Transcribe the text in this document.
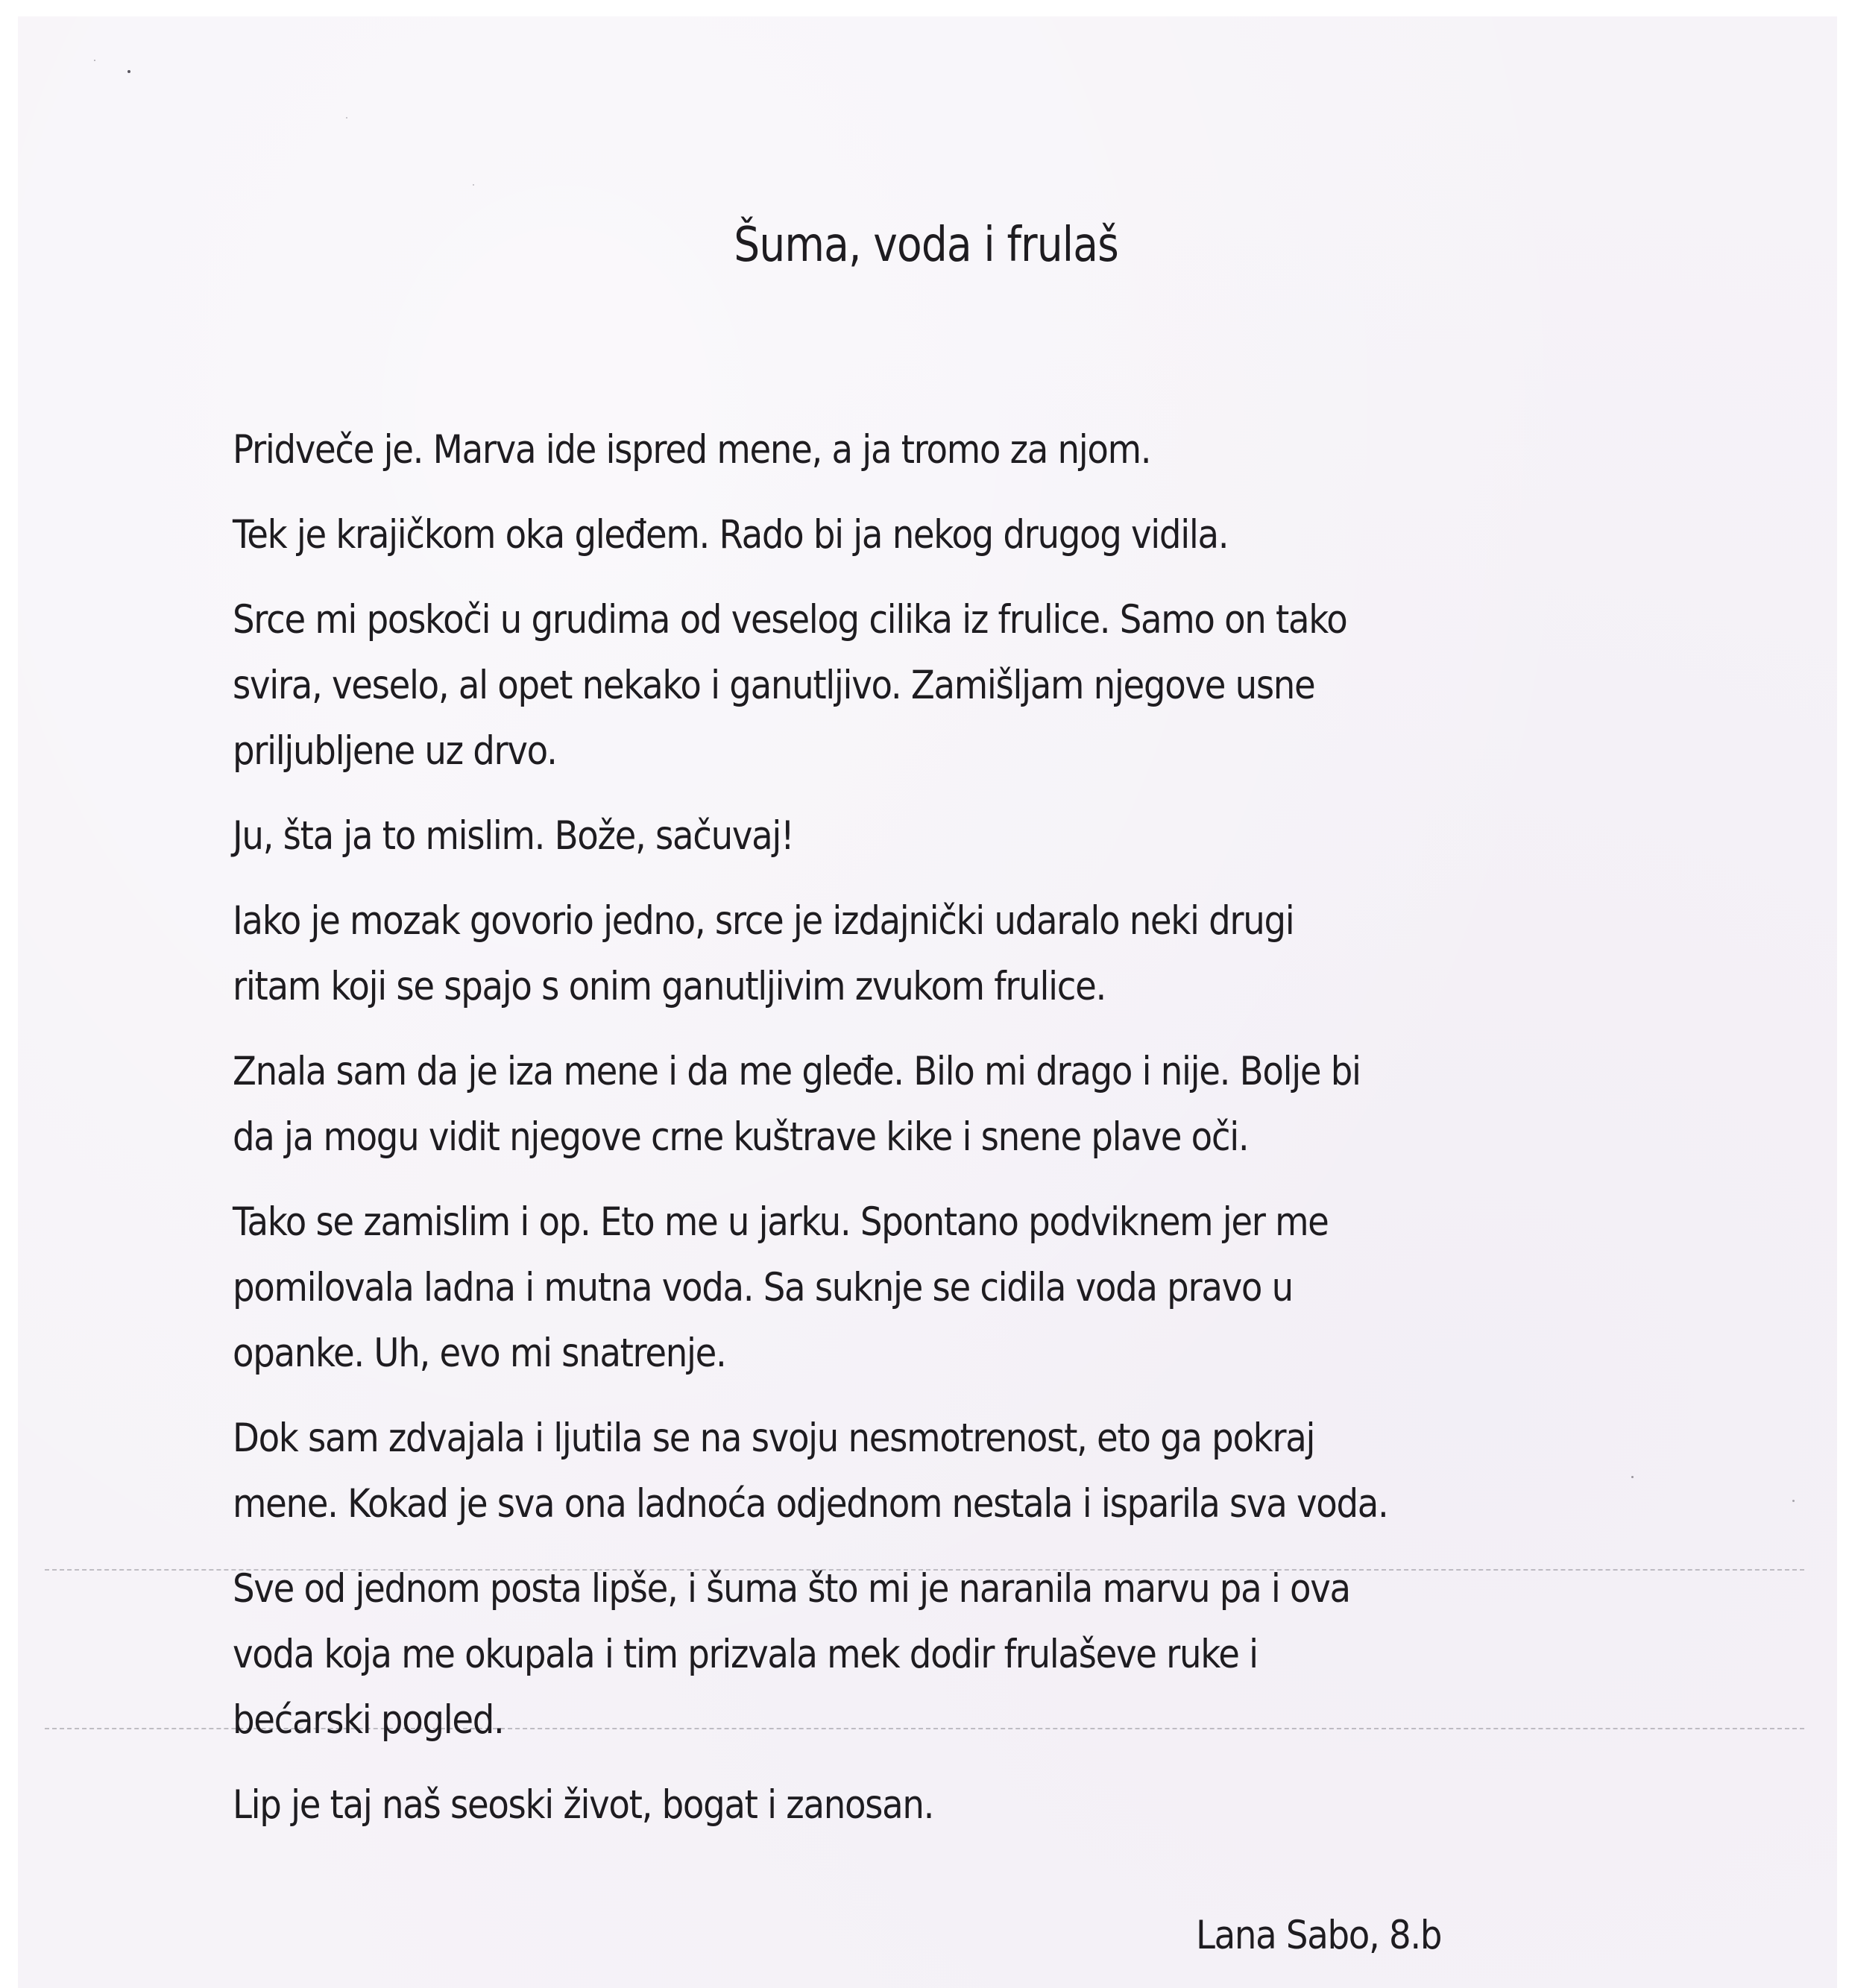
Šuma, voda i frulaš

Pridveče je. Marva ide ispred mene, a ja tromo za njom.

Tek je krajičkom oka gleđem. Rado bi ja nekog drugog vidila.

Srce mi poskoči u grudima od veselog cilika iz frulice. Samo on tako
svira, veselo, al opet nekako i ganutljivo. Zamišljam njegove usne
priljubljene uz drvo.

Ju, šta ja to mislim. Bože, sačuvaj!

Iako je mozak govorio jedno, srce je izdajnički udaralo neki drugi
ritam koji se spajo s onim ganutljivim zvukom frulice.

Znala sam da je iza mene i da me gleđe. Bilo mi drago i nije. Bolje bi
da ja mogu vidit njegove crne kuštrave kike i snene plave oči.

Tako se zamislim i op. Eto me u jarku. Spontano podviknem jer me
pomilovala ladna i mutna voda. Sa suknje se cidila voda pravo u
opanke. Uh, evo mi snatrenje.

Dok sam zdvajala i ljutila se na svoju nesmotrenost, eto ga pokraj
mene. Kokad je sva ona ladnoća odjednom nestala i isparila sva voda.

Sve od jednom posta lipše, i šuma što mi je naranila marvu pa i ova
voda koja me okupala i tim prizvala mek dodir frulaševe ruke i
bećarski pogled.

Lip je taj naš seoski život, bogat i zanosan.

Lana Sabo, 8.b
